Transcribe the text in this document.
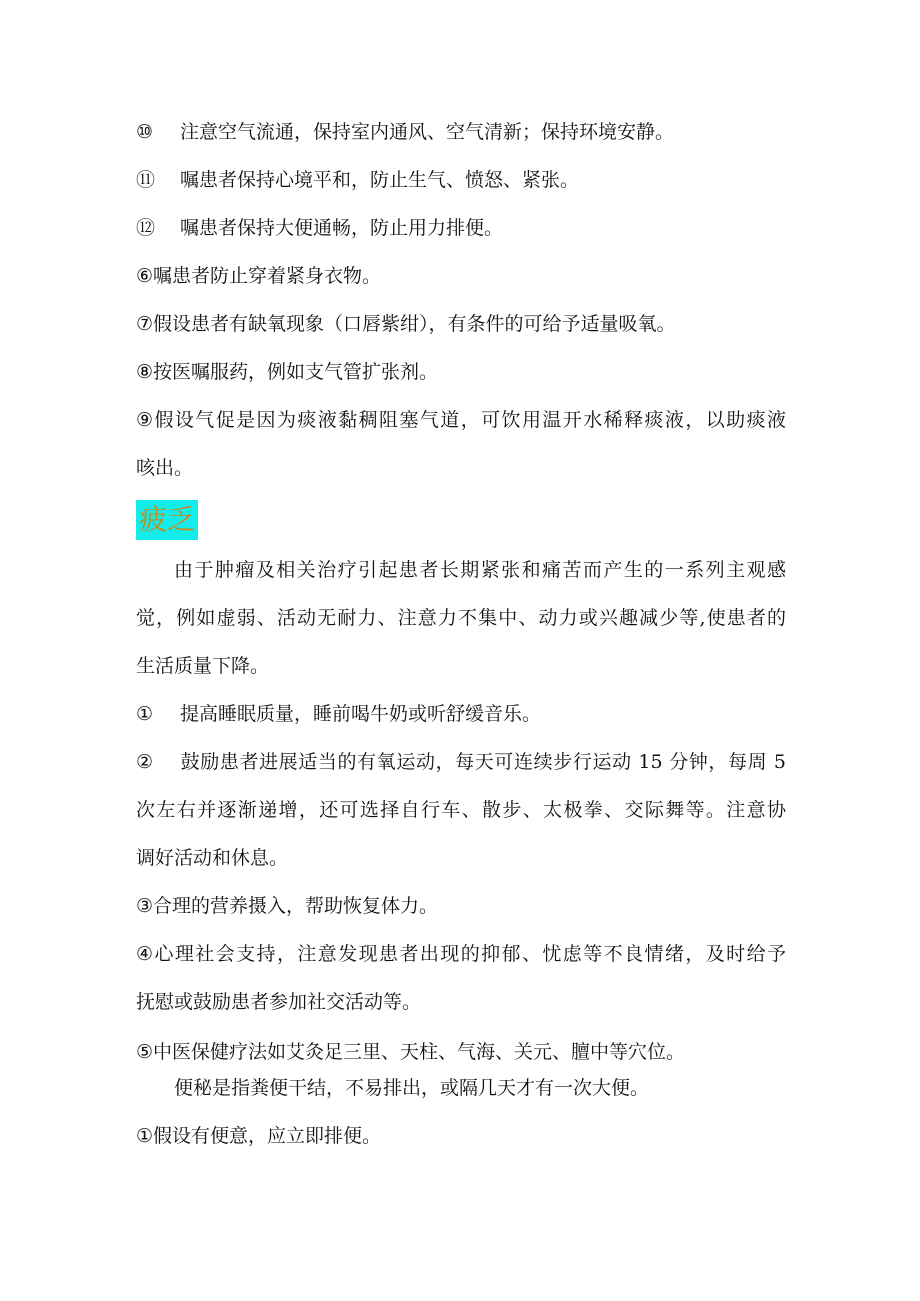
⑩ 注意空气流通，保持室内通风、空气清新；保持环境安静。
⑪ 嘱患者保持心境平和，防止生气、愤怒、紧张。
⑫ 嘱患者保持大便通畅，防止用力排便。
⑥嘱患者防止穿着紧身衣物。
⑦假设患者有缺氧现象（口唇紫绀），有条件的可给予适量吸氧。
⑧按医嘱服药，例如支气管扩张剂。
⑨假设气促是因为痰液黏稠阻塞气道，可饮用温开水稀释痰液，以助痰液
咳出。
疲乏
由于肿瘤及相关治疗引起患者长期紧张和痛苦而产生的一系列主观感
觉，例如虚弱、活动无耐力、注意力不集中、动力或兴趣减少等,使患者的
生活质量下降。
① 提高睡眠质量，睡前喝牛奶或听舒缓音乐。
② 鼓励患者进展适当的有氧运动，每天可连续步行运动 15 分钟，每周 5
次左右并逐渐递增，还可选择自行车、散步、太极拳、交际舞等。注意协
调好活动和休息。
③合理的营养摄入，帮助恢复体力。
④心理社会支持，注意发现患者出现的抑郁、忧虑等不良情绪，及时给予
抚慰或鼓励患者参加社交活动等。
⑤中医保健疗法如艾灸足三里、天柱、气海、关元、膻中等穴位。
便秘是指粪便干结，不易排出，或隔几天才有一次大便。
①假设有便意，应立即排便。
